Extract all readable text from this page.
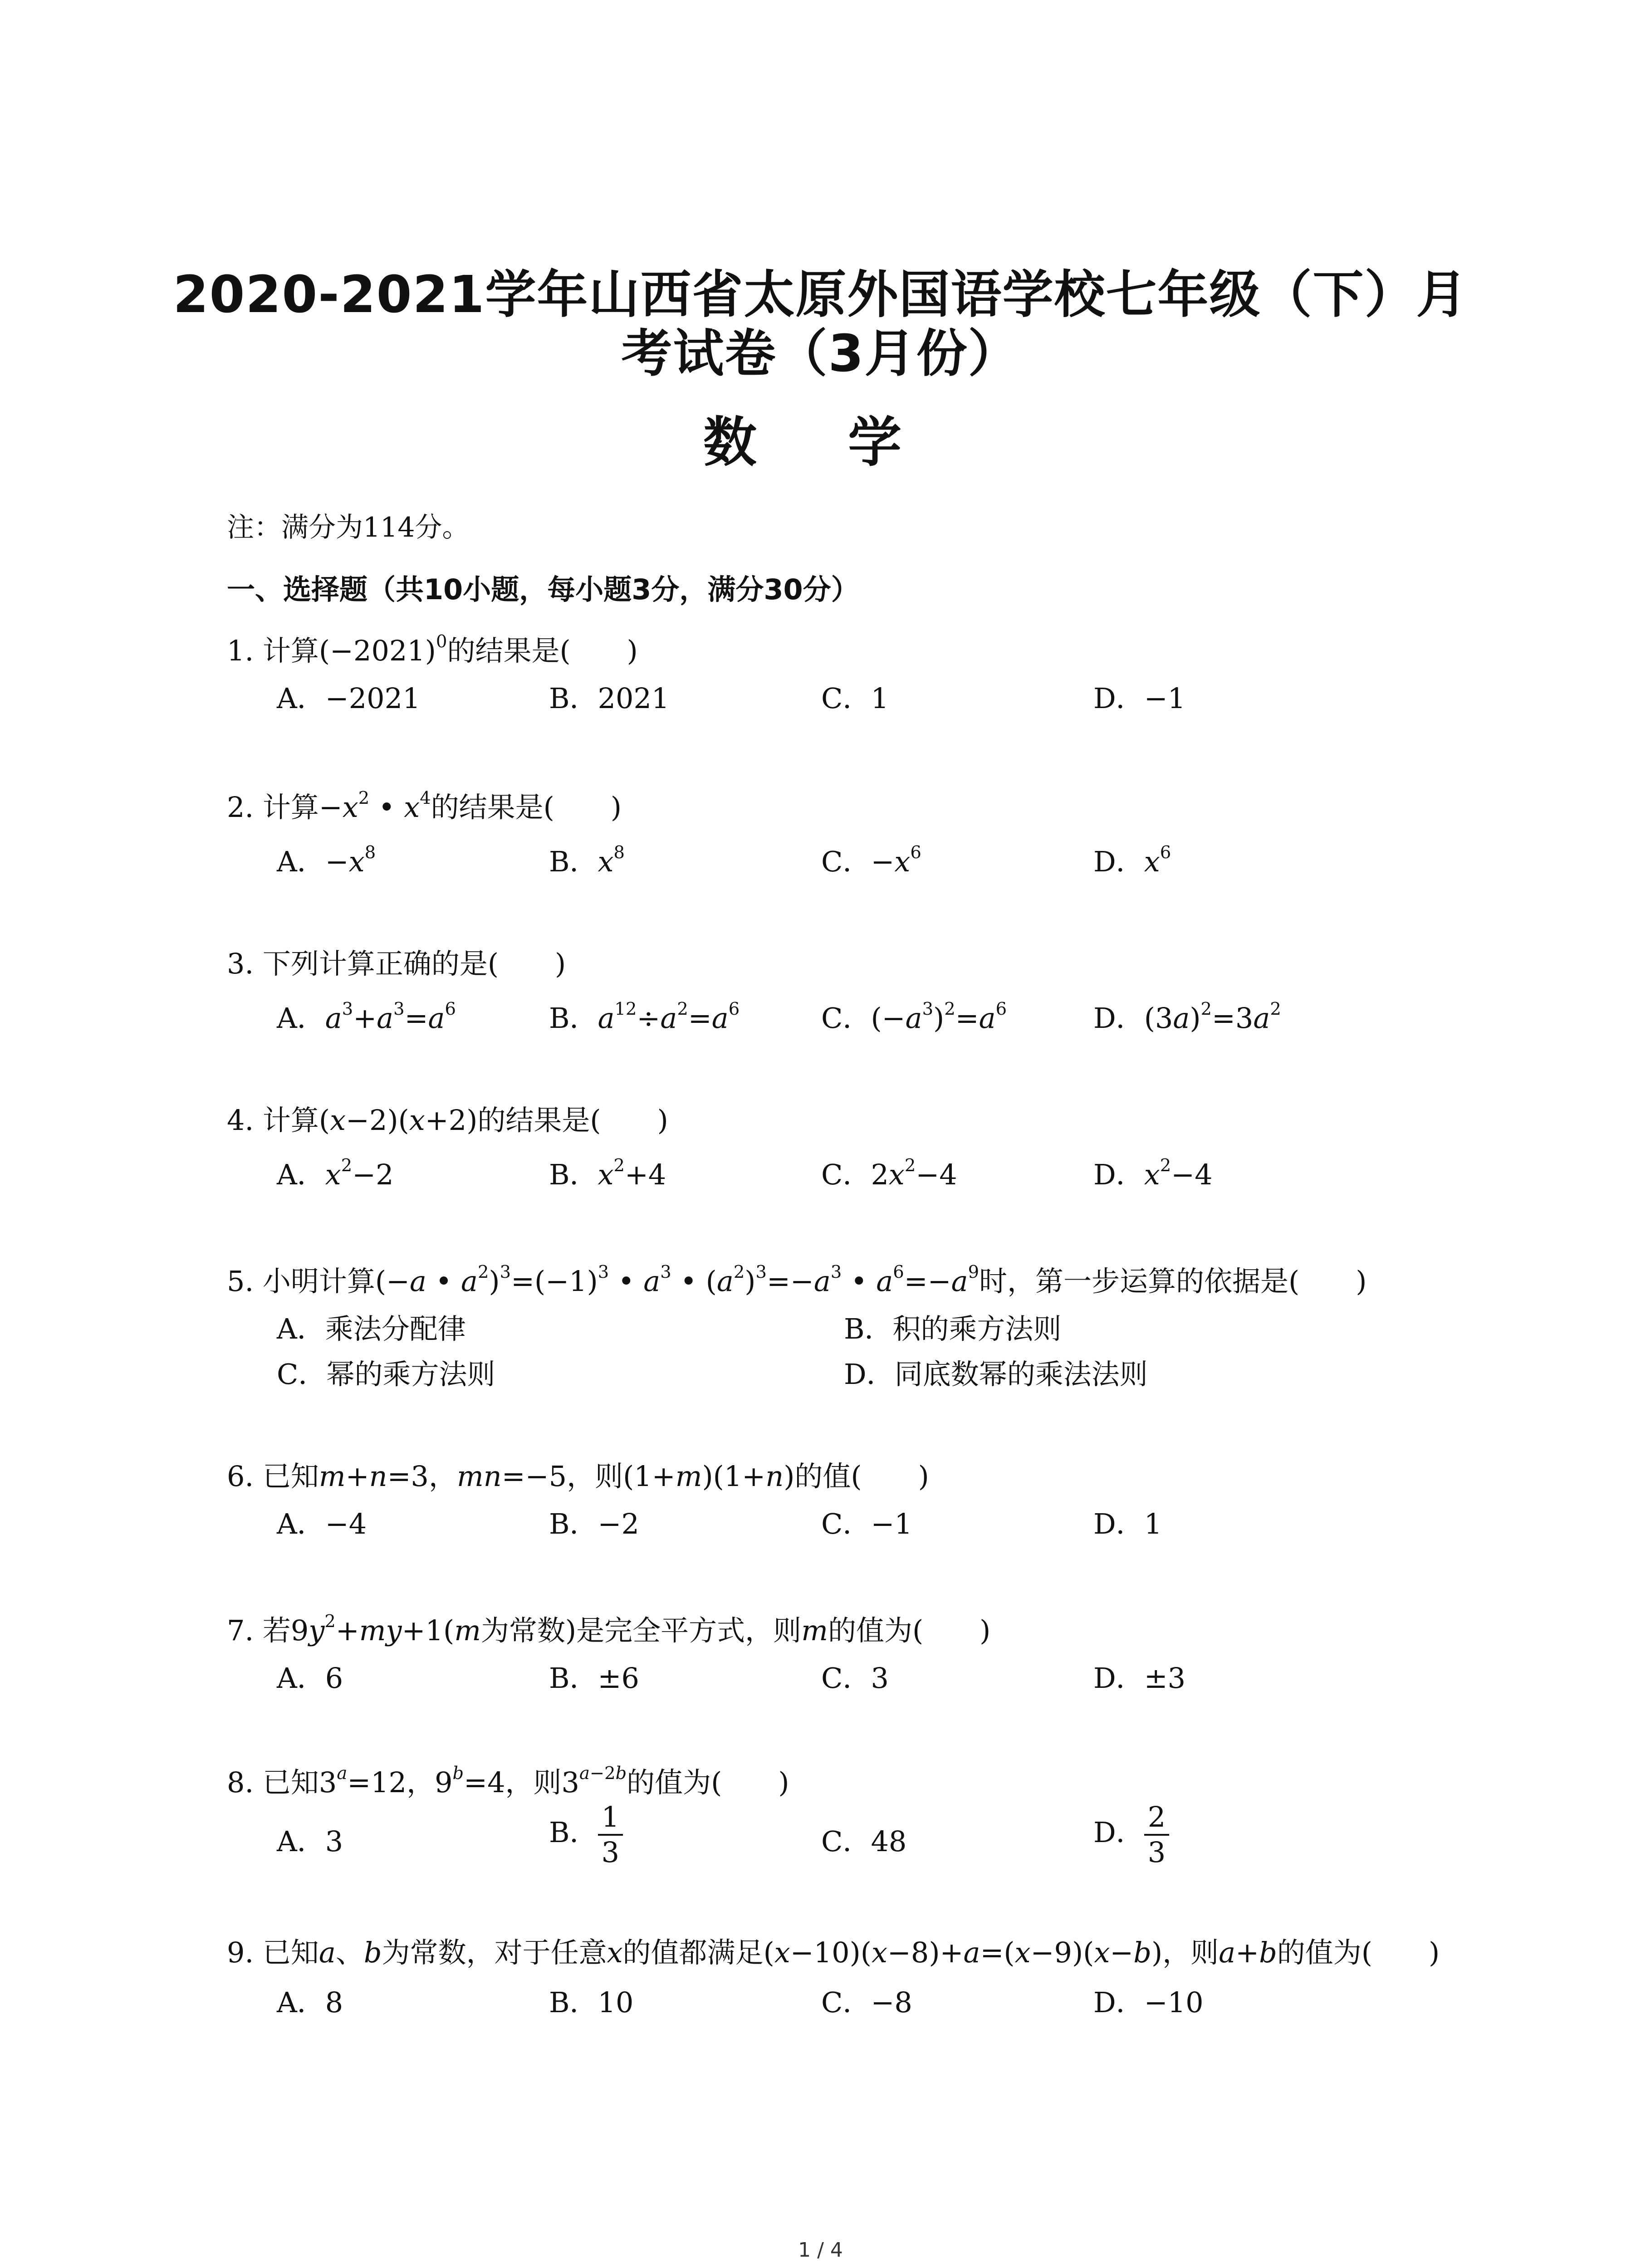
2020-2021学年山西省太原外国语学校七年级（下）月
考试卷（3月份）
数 学
注：满分为114分。
一、选择题（共10小题，每小题3分，满分30分）
1. 计算$(-2021)^0$的结果是(　　)
A．−2021	B．2021	C．1	D．−1
2. 计算$-x^2$ • $x^4$的结果是(　　)
A．$-x^8$	B．$x^8$	C．$-x^6$	D．$x^6$
3. 下列计算正确的是(　　)
A．$a^3+a^3=a^6$	B．$a^{12}\div a^2=a^6$	C．$(-a^3)^2=a^6$	D．$(3a)^2=3a^2$
4. 计算(x−2)(x+2)的结果是(　　)
A．$x^2-2$	B．$x^2+4$	C．$2x^2-4$	D．$x^2-4$
5. 小明计算(−a • $a^2)^3=(-1)^3$ • $a^3$ • $(a^2)^3=-a^3$ • $a^6=-a^9$时，第一步运算的依据是(　　)
A．乘法分配律	B．积的乘方法则
C．幂的乘方法则	D．同底数幂的乘法法则
6. 已知m+n=3，mn=−5，则(1+m)(1+n)的值(　　)
A．−4	B．−2	C．−1	D．1
7. 若$9y^2+my+1(m$为常数)是完全平方式，则m的值为(　　)
A．6	B．±6	C．3	D．±3
8. 已知$3^a=12$，$9^b=4$，则$3^{a-2b}$的值为(　　)
A．3	B． $\frac{1}{3}$	C．48	D． $\frac{2}{3}$
9. 已知a、b为常数，对于任意x的值都满足(x−10)(x−8)+a=(x−9)(x−b)，则a+b的值为(　　)
A．8	B．10	C．−8	D．−10
1 / 4
